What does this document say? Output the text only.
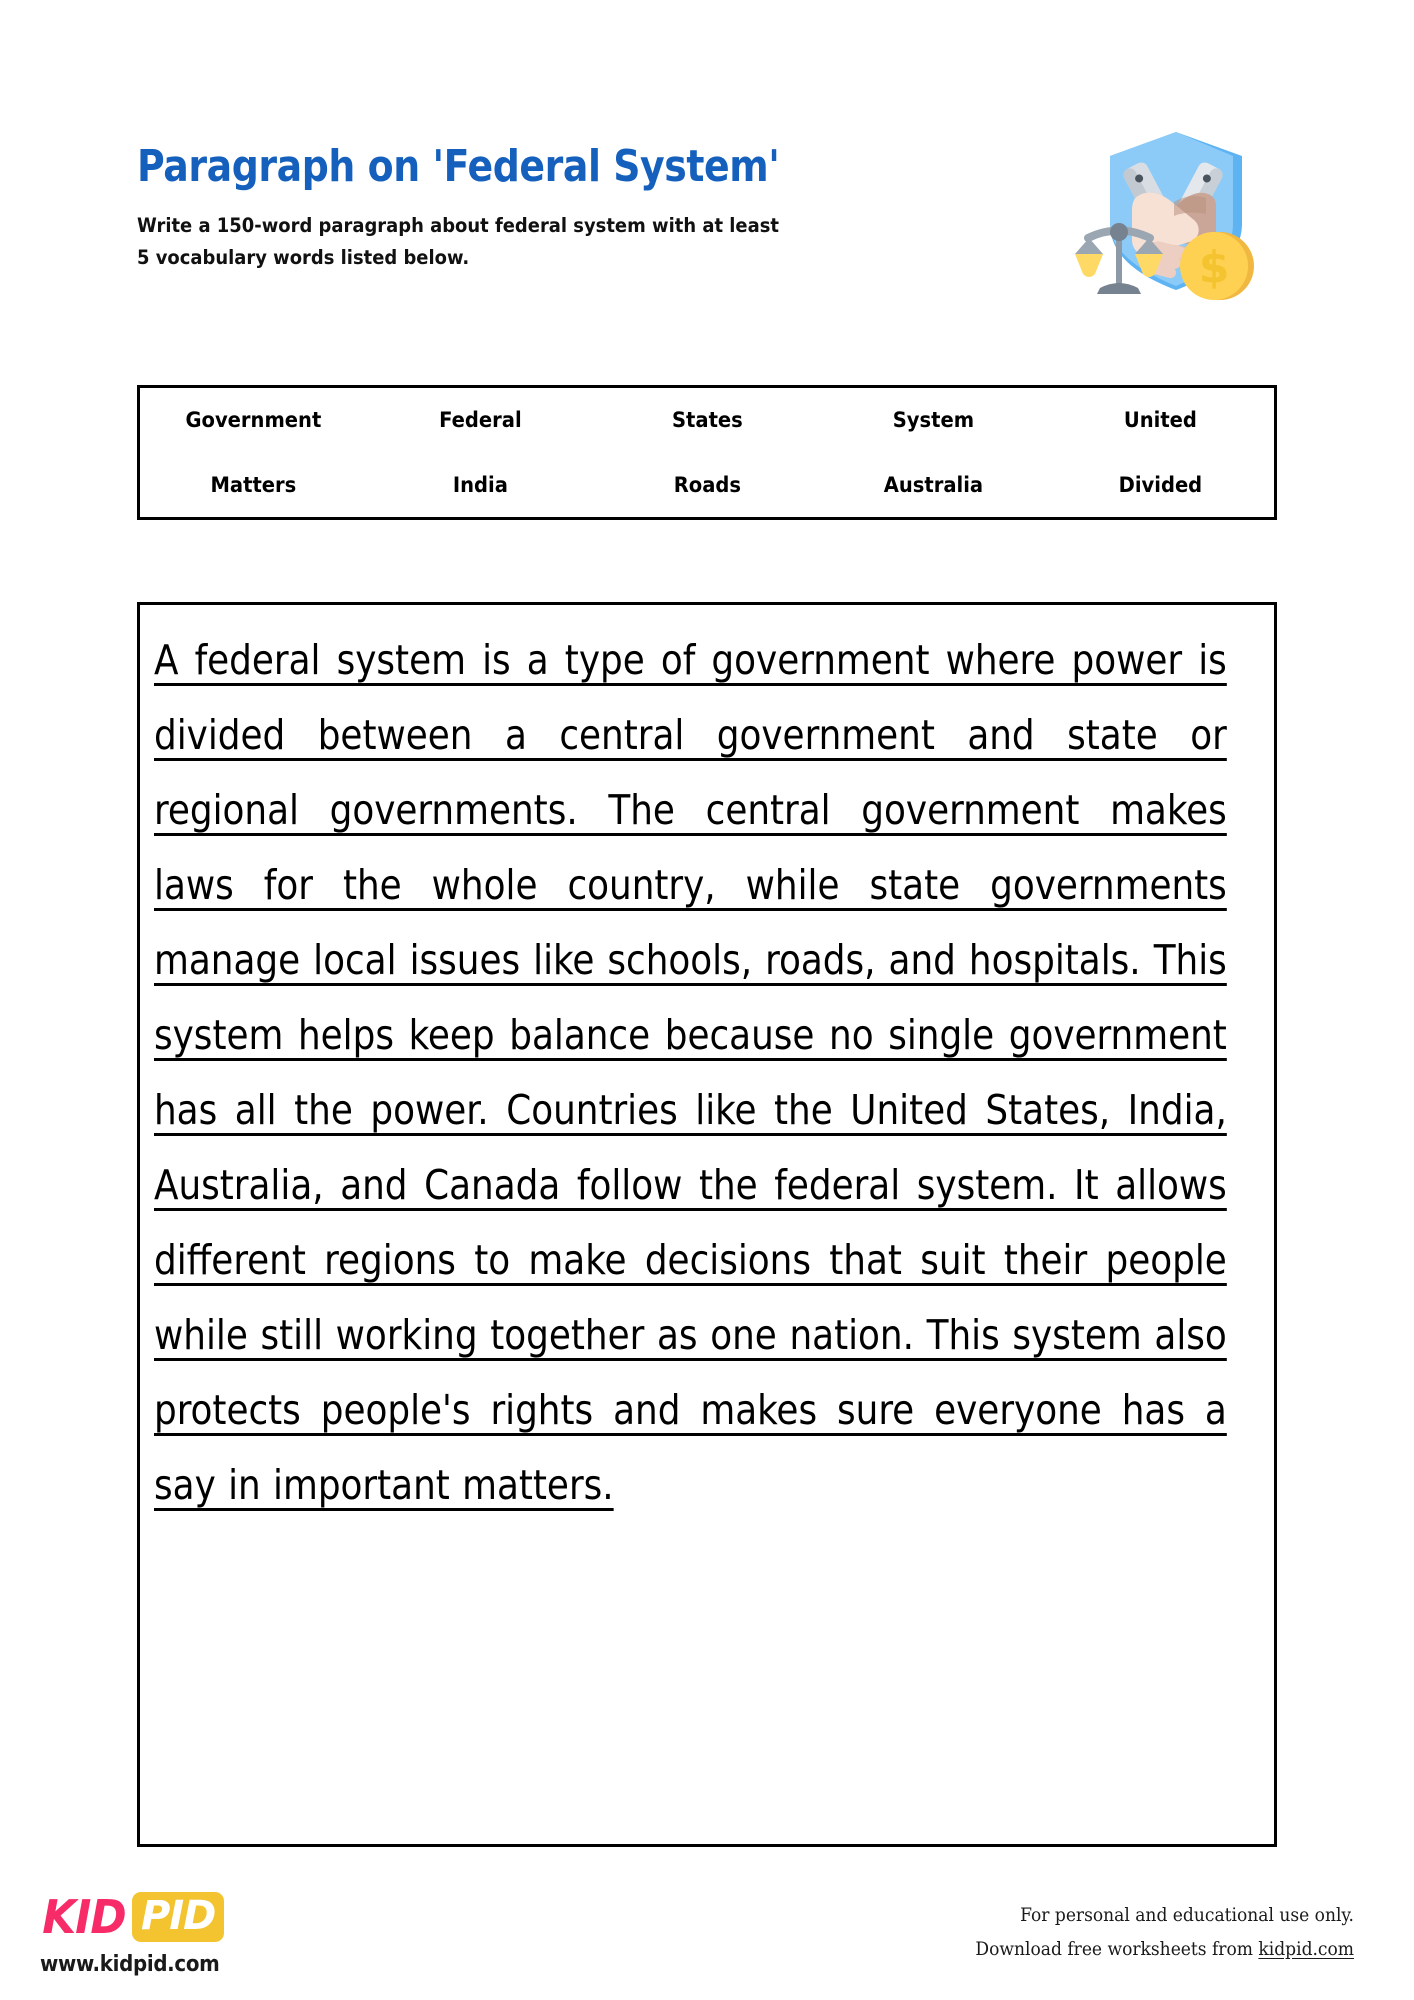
Paragraph on 'Federal System'
Write a 150-word paragraph about federal system with at least 5 vocabulary words listed below.	$
Government	Federal	States	System	United
Matters	India	Roads	Australia	Divided
A federal system is a type of government where power is divided between a central government and state or regional governments. The central government makes laws for the whole country, while state governments manage local issues like schools, roads, and hospitals. This system helps keep balance because no single government has all the power. Countries like the United States, India, Australia, and Canada follow the federal system. It allows different regions to make decisions that suit their people while still working together as one nation. This system also protects people's rights and makes sure everyone has a say in important matters.
KID PID
www.kidpid.com
For personal and educational use only.
Download free worksheets from kidpid.com
